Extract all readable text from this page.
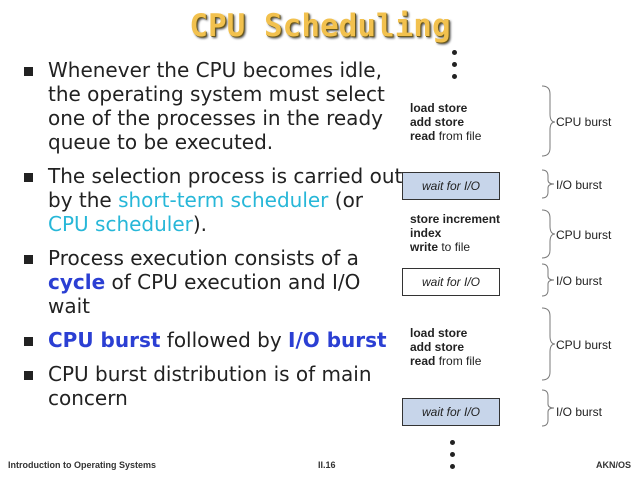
CPU Scheduling
Whenever the CPU becomes idle, the operating system must select one of the processes in the ready queue to be executed.
The selection process is carried out by the short-term scheduler (or CPU scheduler).
Process execution consists of a cycle of CPU execution and I/O wait
CPU burst followed by I/O burst
CPU burst distribution is of main concern
load store
add store
read from file
wait for I/O
store increment
index
write to file
wait for I/O
load store
add store
read from file
wait for I/O
CPU burst
I/O burst
CPU burst
I/O burst
CPU burst
I/O burst
Introduction to Operating Systems	II.16	AKN/OS
